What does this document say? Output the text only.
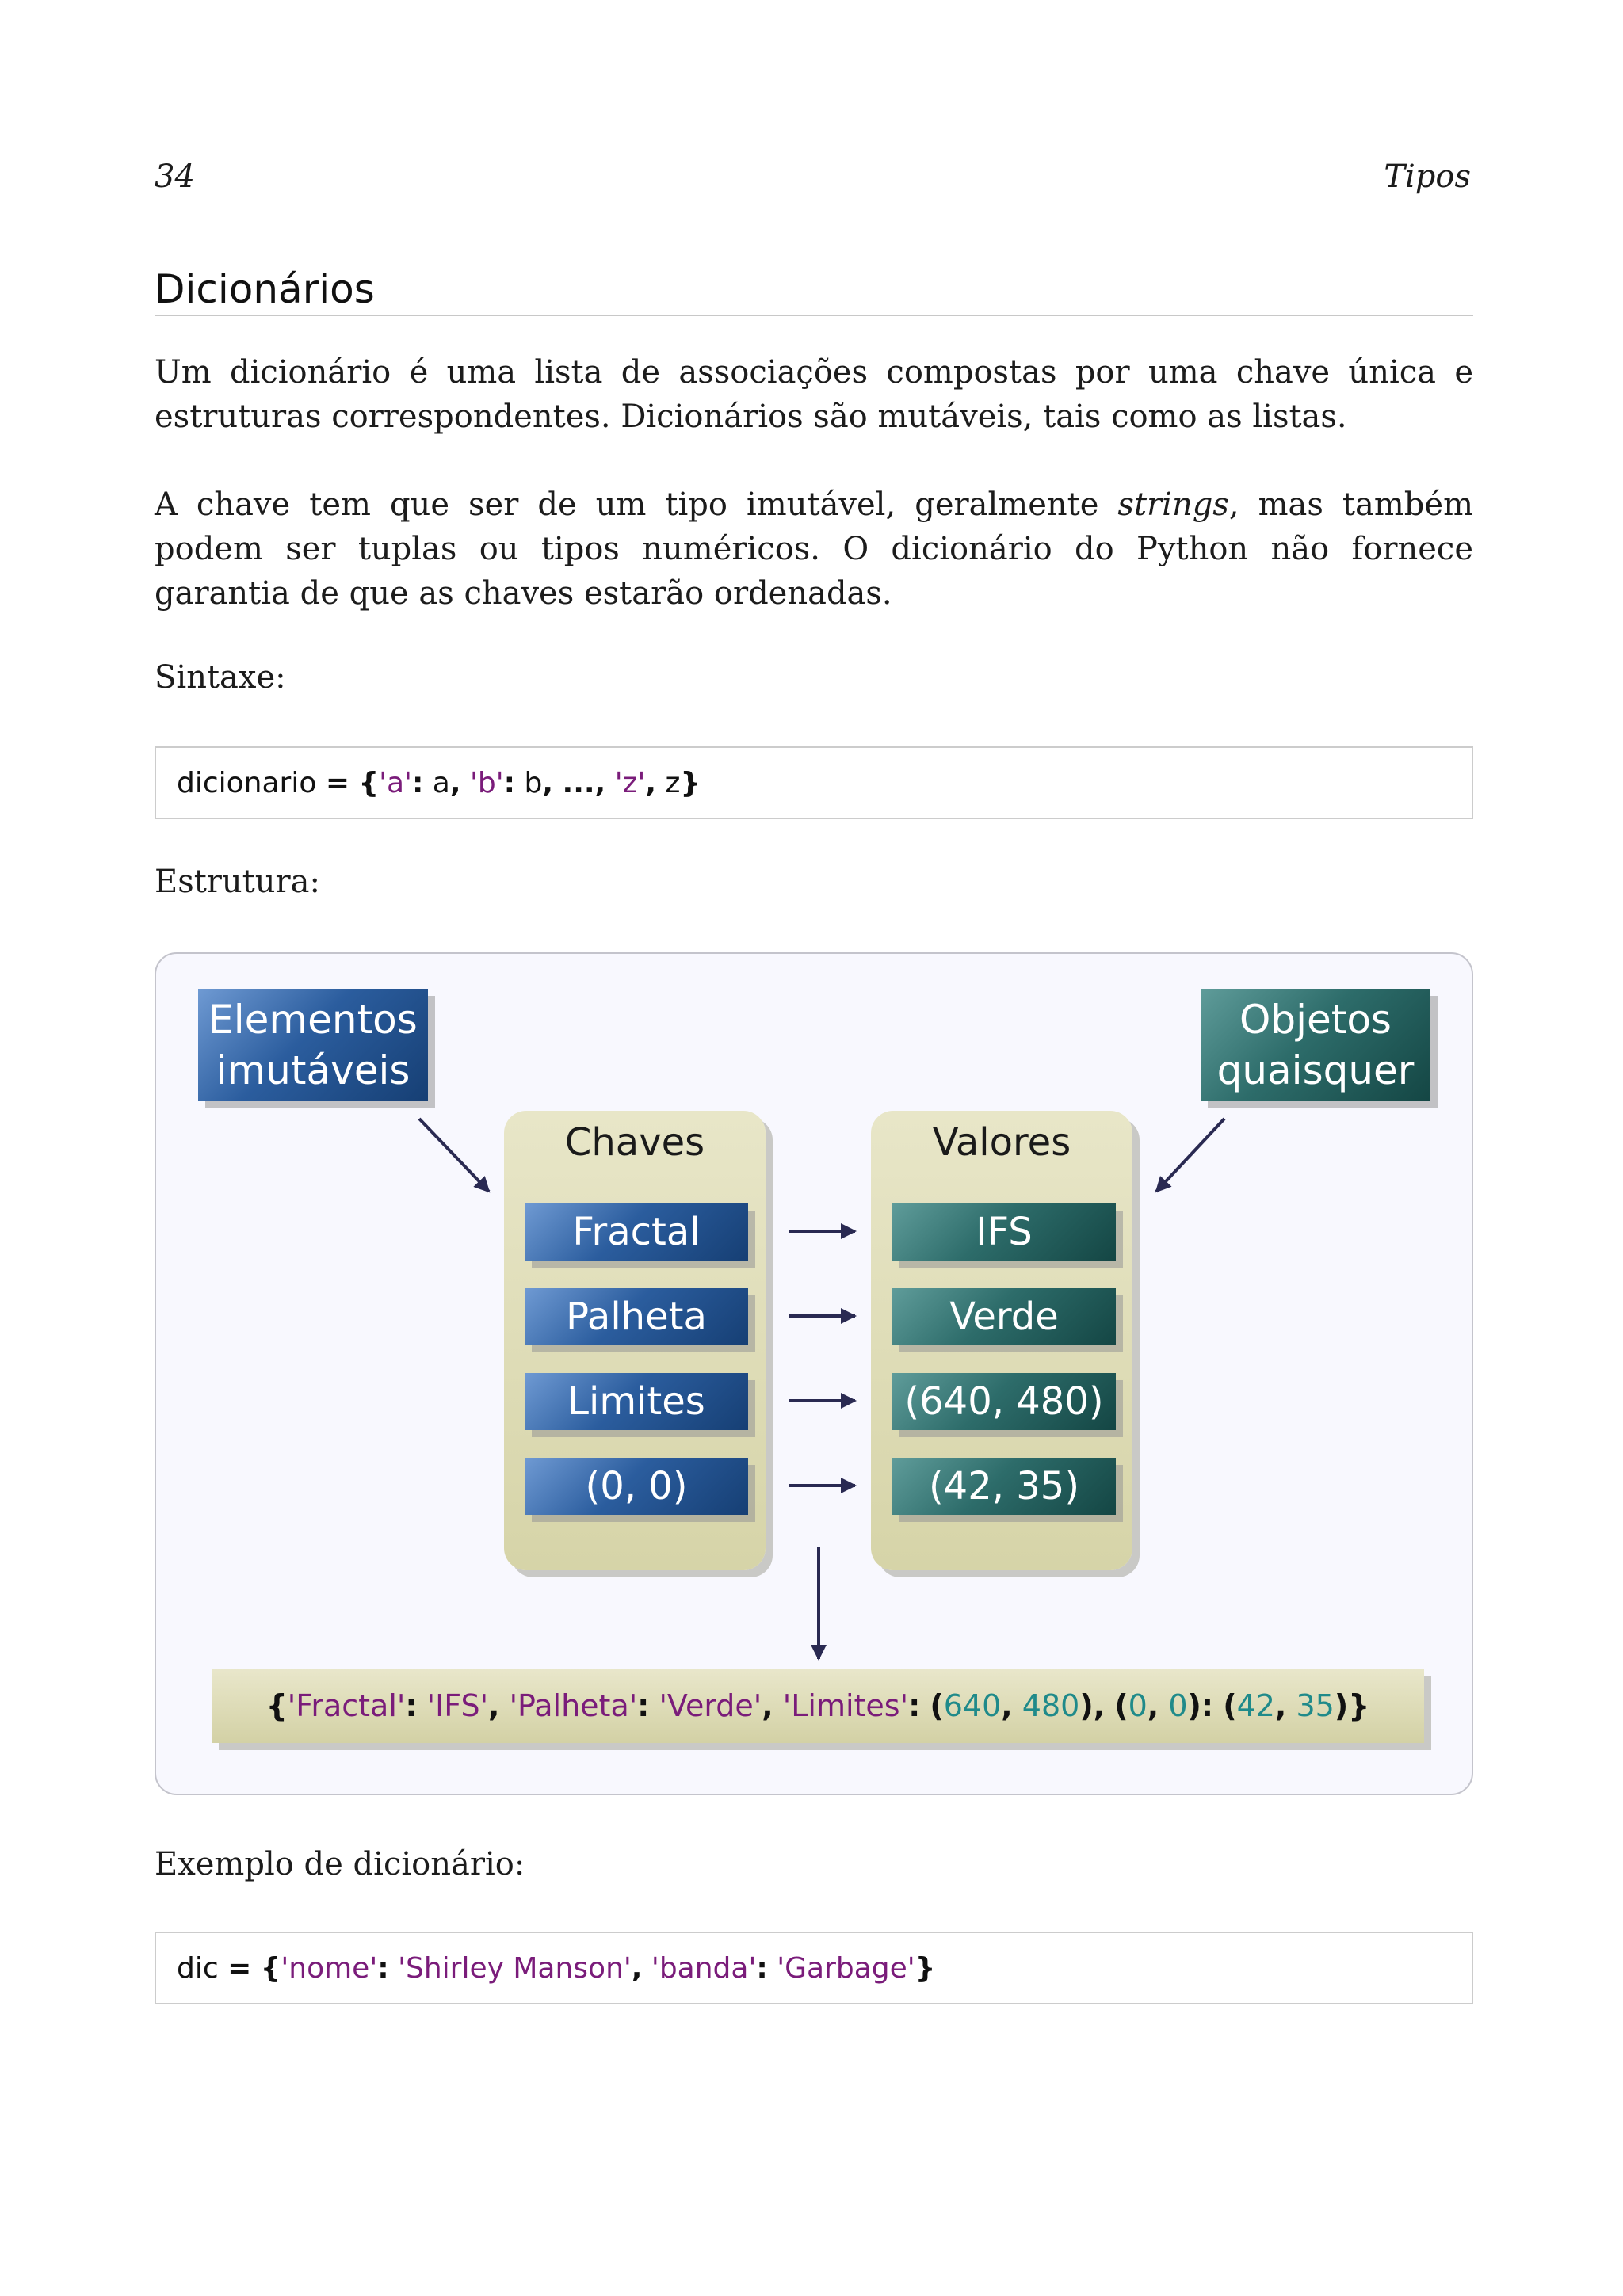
34	Tipos
Dicionários

Um dicionário é uma lista de associações compostas por uma chave única e estruturas correspondentes. Dicionários são mutáveis, tais como as listas.

A chave tem que ser de um tipo imutável, geralmente strings, mas também podem ser tuplas ou tipos numéricos. O dicionário do Python não fornece garantia de que as chaves estarão ordenadas.

Sintaxe:
dicionario =
{ 'a' : a ,
'b' : b ,
... ,
'z' , z }
Estrutura:
Elementos
imutáveis
Objetos
quaisquer
Chaves	Valores
Fractal
Palheta
Limites
(0, 0)
IFS
Verde
(640, 480)
(42, 35)
{ 'Fractal' :
'IFS' ,
'Palheta' :
'Verde' ,
'Limites' :
( 640 ,
480 ) ,
( 0 ,
0 ) :
( 42 ,
35 ) }
Exemplo de dicionário:
dic =
{ 'nome' :
'Shirley Manson' ,
'banda' :
'Garbage' }
